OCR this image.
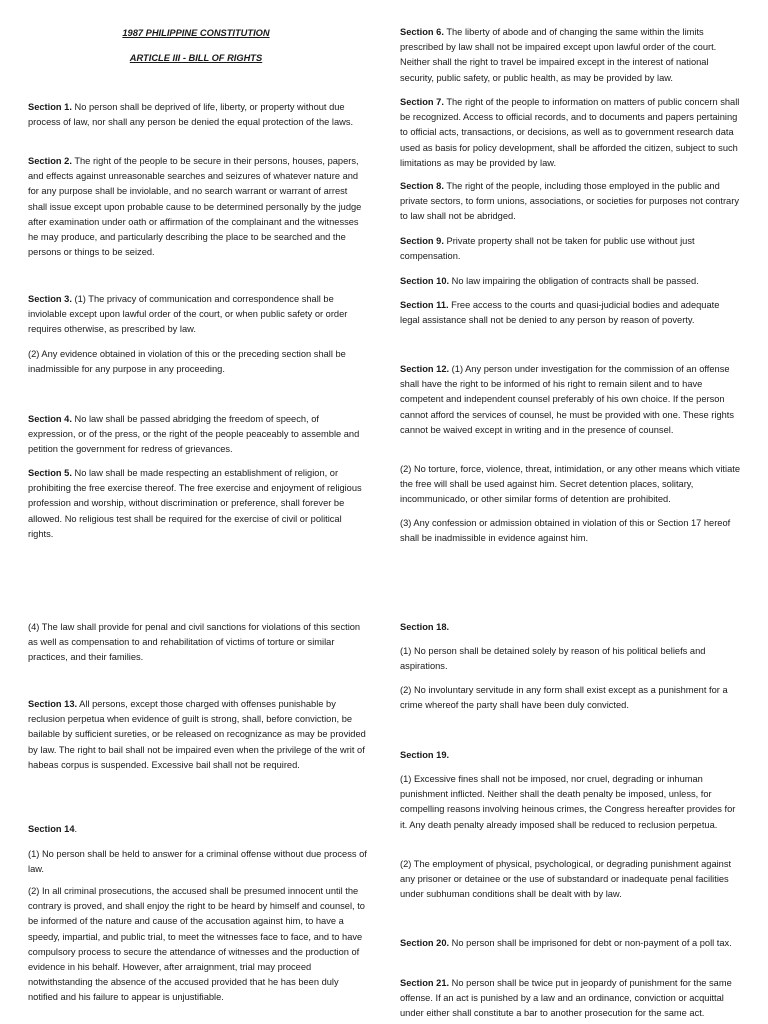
1987 PHILIPPINE CONSTITUTION
ARTICLE III - BILL OF RIGHTS

Section 1. No person shall be deprived of life, liberty, or property without due process of law, nor shall any person be denied the equal protection of the laws.

Section 2. The right of the people to be secure in their persons, houses, papers, and effects against unreasonable searches and seizures of whatever nature and for any purpose shall be inviolable, and no search warrant or warrant of arrest shall issue except upon probable cause to be determined personally by the judge after examination under oath or affirmation of the complainant and the witnesses he may produce, and particularly describing the place to be searched and the persons or things to be seized.

Section 3. (1) The privacy of communication and correspondence shall be inviolable except upon lawful order of the court, or when public safety or order requires otherwise, as prescribed by law.

(2) Any evidence obtained in violation of this or the preceding section shall be inadmissible for any purpose in any proceeding.

Section 4. No law shall be passed abridging the freedom of speech, of expression, or of the press, or the right of the people peaceably to assemble and petition the government for redress of grievances.

Section 5. No law shall be made respecting an establishment of religion, or prohibiting the free exercise thereof. The free exercise and enjoyment of religious profession and worship, without discrimination or preference, shall forever be allowed. No religious test shall be required for the exercise of civil or political rights.

(4) The law shall provide for penal and civil sanctions for violations of this section as well as compensation to and rehabilitation of victims of torture or similar practices, and their families.

Section 13. All persons, except those charged with offenses punishable by reclusion perpetua when evidence of guilt is strong, shall, before conviction, be bailable by sufficient sureties, or be released on recognizance as may be provided by law. The right to bail shall not be impaired even when the privilege of the writ of habeas corpus is suspended. Excessive bail shall not be required.

Section 14.

(1) No person shall be held to answer for a criminal offense without due process of law.

(2) In all criminal prosecutions, the accused shall be presumed innocent until the contrary is proved, and shall enjoy the right to be heard by himself and counsel, to be informed of the nature and cause of the accusation against him, to have a speedy, impartial, and public trial, to meet the witnesses face to face, and to have compulsory process to secure the attendance of witnesses and the production of evidence in his behalf. However, after arraignment, trial may proceed notwithstanding the absence of the accused provided that he has been duly notified and his failure to appear is unjustifiable.

Section 6. The liberty of abode and of changing the same within the limits prescribed by law shall not be impaired except upon lawful order of the court. Neither shall the right to travel be impaired except in the interest of national security, public safety, or public health, as may be provided by law.

Section 7. The right of the people to information on matters of public concern shall be recognized. Access to official records, and to documents and papers pertaining to official acts, transactions, or decisions, as well as to government research data used as basis for policy development, shall be afforded the citizen, subject to such limitations as may be provided by law.

Section 8. The right of the people, including those employed in the public and private sectors, to form unions, associations, or societies for purposes not contrary to law shall not be abridged.

Section 9. Private property shall not be taken for public use without just compensation.

Section 10. No law impairing the obligation of contracts shall be passed.

Section 11. Free access to the courts and quasi-judicial bodies and adequate legal assistance shall not be denied to any person by reason of poverty.

Section 12. (1) Any person under investigation for the commission of an offense shall have the right to be informed of his right to remain silent and to have competent and independent counsel preferably of his own choice. If the person cannot afford the services of counsel, he must be provided with one. These rights cannot be waived except in writing and in the presence of counsel.

(2) No torture, force, violence, threat, intimidation, or any other means which vitiate the free will shall be used against him. Secret detention places, solitary, incommunicado, or other similar forms of detention are prohibited.

(3) Any confession or admission obtained in violation of this or Section 17 hereof shall be inadmissible in evidence against him.

Section 18.

(1) No person shall be detained solely by reason of his political beliefs and aspirations.

(2) No involuntary servitude in any form shall exist except as a punishment for a crime whereof the party shall have been duly convicted.

Section 19.

(1) Excessive fines shall not be imposed, nor cruel, degrading or inhuman punishment inflicted. Neither shall the death penalty be imposed, unless, for compelling reasons involving heinous crimes, the Congress hereafter provides for it. Any death penalty already imposed shall be reduced to reclusion perpetua.

(2) The employment of physical, psychological, or degrading punishment against any prisoner or detainee or the use of substandard or inadequate penal facilities under subhuman conditions shall be dealt with by law.

Section 20. No person shall be imprisoned for debt or non-payment of a poll tax.

Section 21. No person shall be twice put in jeopardy of punishment for the same offense. If an act is punished by a law and an ordinance, conviction or acquittal under either shall constitute a bar to another prosecution for the same act.
